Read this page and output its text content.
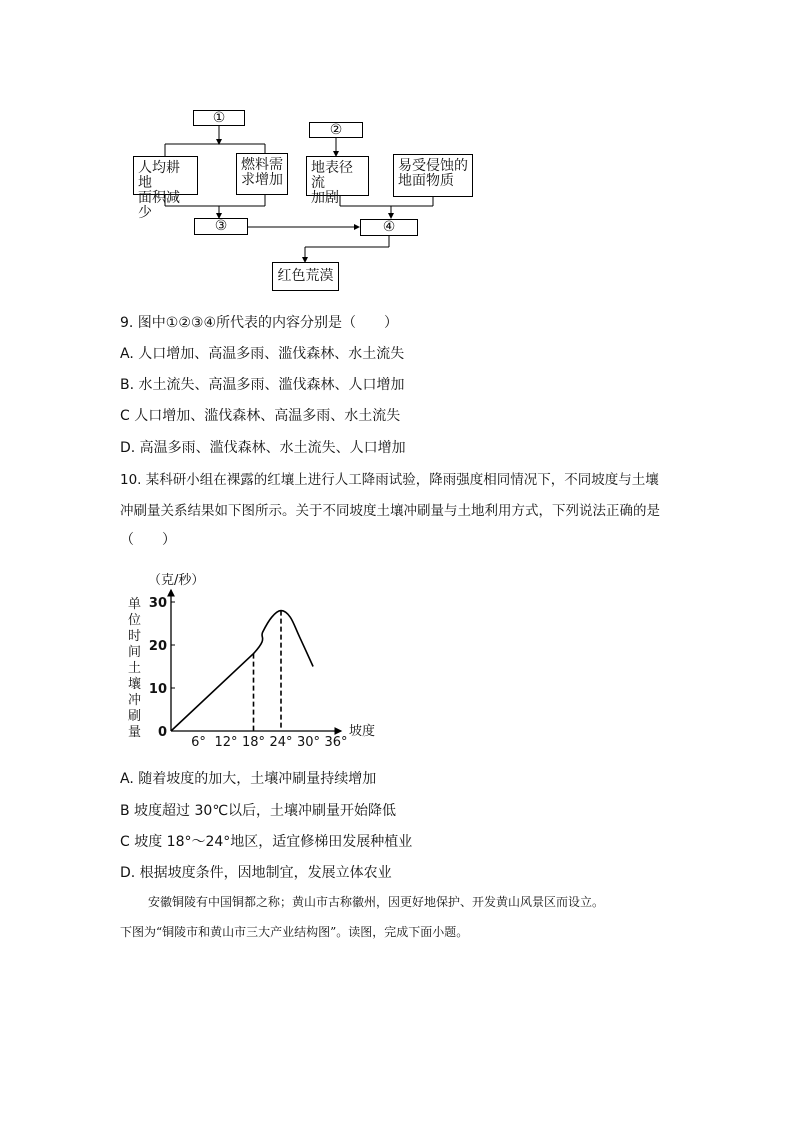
①
②
人均耕地
面积减少
燃料需
求增加
地表径流
加剧
易受侵蚀的
地面物质
③	④
红色荒漠
9. 图中①②③④所代表的内容分别是（　　）
A. 人口增加、高温多雨、滥伐森林、水土流失
B. 水土流失、高温多雨、滥伐森林、人口增加
C 人口增加、滥伐森林、高温多雨、水土流失
D. 高温多雨、滥伐森林、水土流失、人口增加
10. 某科研小组在裸露的红壤上进行人工降雨试验，降雨强度相同情况下，不同坡度与土壤
冲刷量关系结果如下图所示。关于不同坡度土壤冲刷量与土地利用方式，下列说法正确的是
（　　）
（克/秒）
单
位
时
间
土
壤
冲
刷
量	坡度
0
10
20
30
6° 12° 18° 24° 30° 36°
A. 随着坡度的加大，土壤冲刷量持续增加
B 坡度超过 30℃以后，土壤冲刷量开始降低
C 坡度 18°～24°地区，适宜修梯田发展种植业
D. 根据坡度条件，因地制宜，发展立体农业
安徽铜陵有中国铜都之称；黄山市古称徽州，因更好地保护、开发黄山风景区而设立。
下图为“铜陵市和黄山市三大产业结构图”。读图，完成下面小题。
